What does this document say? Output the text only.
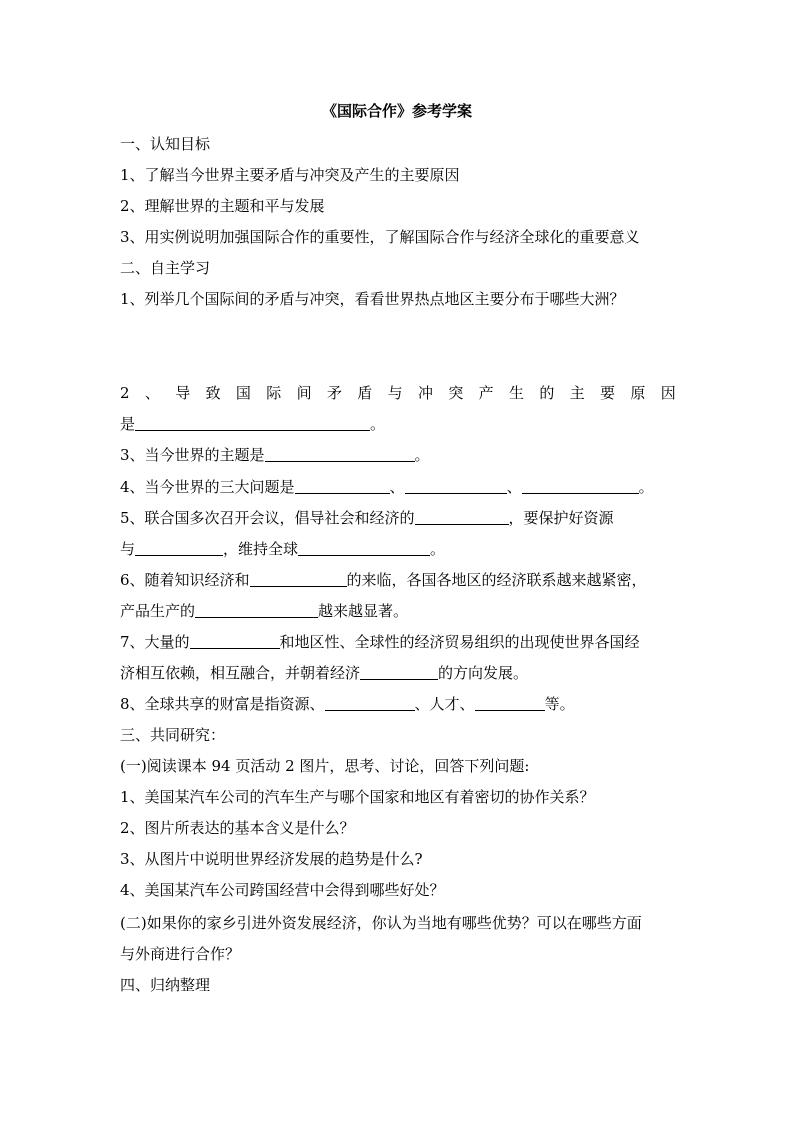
《国际合作》参考学案
一、认知目标
1、了解当今世界主要矛盾与冲突及产生的主要原因
2、理解世界的主题和平与发展
3、用实例说明加强国际合作的重要性，了解国际合作与经济全球化的重要意义
二、自主学习
1、列举几个国际间的矛盾与冲突，看看世界热点地区主要分布于哪些大洲？
2 、 导 致 国 际 间 矛 盾 与 冲 突 产 生 的 主 要 原 因
是	。
3、当今世界的主题是	。
4、当今世界的三大问题是	、	、	。
5、联合国多次召开会议，倡导社会和经济的	，要保护好资源
与	，维持全球	。
6、随着知识经济和	的来临，各国各地区的经济联系越来越紧密，
产品生产的	越来越显著。
7、大量的	和地区性、全球性的经济贸易组织的出现使世界各国经
济相互依赖，相互融合，并朝着经济	的方向发展。
8、全球共享的财富是指资源、	、人才、	等。
三、共同研究：
(一)阅读课本 94 页活动 2 图片，思考、讨论，回答下列问题:
1、美国某汽车公司的汽车生产与哪个国家和地区有着密切的协作关系？
2、图片所表达的基本含义是什么？
3、从图片中说明世界经济发展的趋势是什么?
4、美国某汽车公司跨国经营中会得到哪些好处？
(二)如果你的家乡引进外资发展经济，你认为当地有哪些优势？可以在哪些方面
与外商进行合作？
四、归纳整理
